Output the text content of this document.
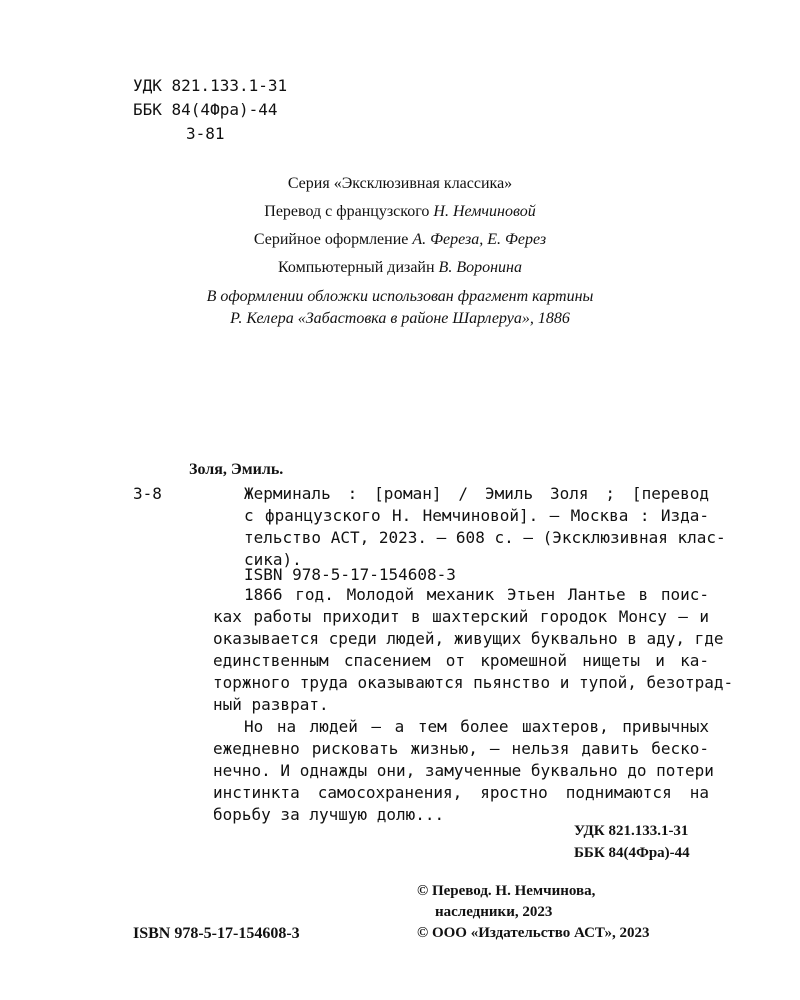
УДК 821.133.1-31
ББК 84(4Фра)-44
З-81
Серия «Эксклюзивная классика»
Перевод с французского Н. Немчиновой
Серийное оформление А. Фереза, Е. Ферез
Компьютерный дизайн В. Воронина
В оформлении обложки использован фрагмент картины
Р. Келера «Забастовка в районе Шарлеруа», 1886
Золя, Эмиль.
З-8	Жерминаль : [роман] / Эмиль Золя ; [перевод
с французского Н. Немчиновой]. — Москва : Изда-
тельство АСТ, 2023. — 608 с. — (Эксклюзивная клас-
сика).
ISBN 978-5-17-154608-3
1866 год. Молодой механик Этьен Лантье в поис-
ках работы приходит в шахтерский городок Монсу — и
оказывается среди людей, живущих буквально в аду, где
единственным спасением от кромешной нищеты и ка-
торжного труда оказываются пьянство и тупой, безотрад-
ный разврат.
Но на людей — а тем более шахтеров, привычных
ежедневно рисковать жизнью, — нельзя давить беско-
нечно. И однажды они, замученные буквально до потери
инстинкта самосохранения, яростно поднимаются на
борьбу за лучшую долю...
УДК 821.133.1-31
ББК 84(4Фра)-44
© Перевод. Н. Немчинова,
наследники, 2023
ISBN 978-5-17-154608-3	© ООО «Издательство АСТ», 2023
